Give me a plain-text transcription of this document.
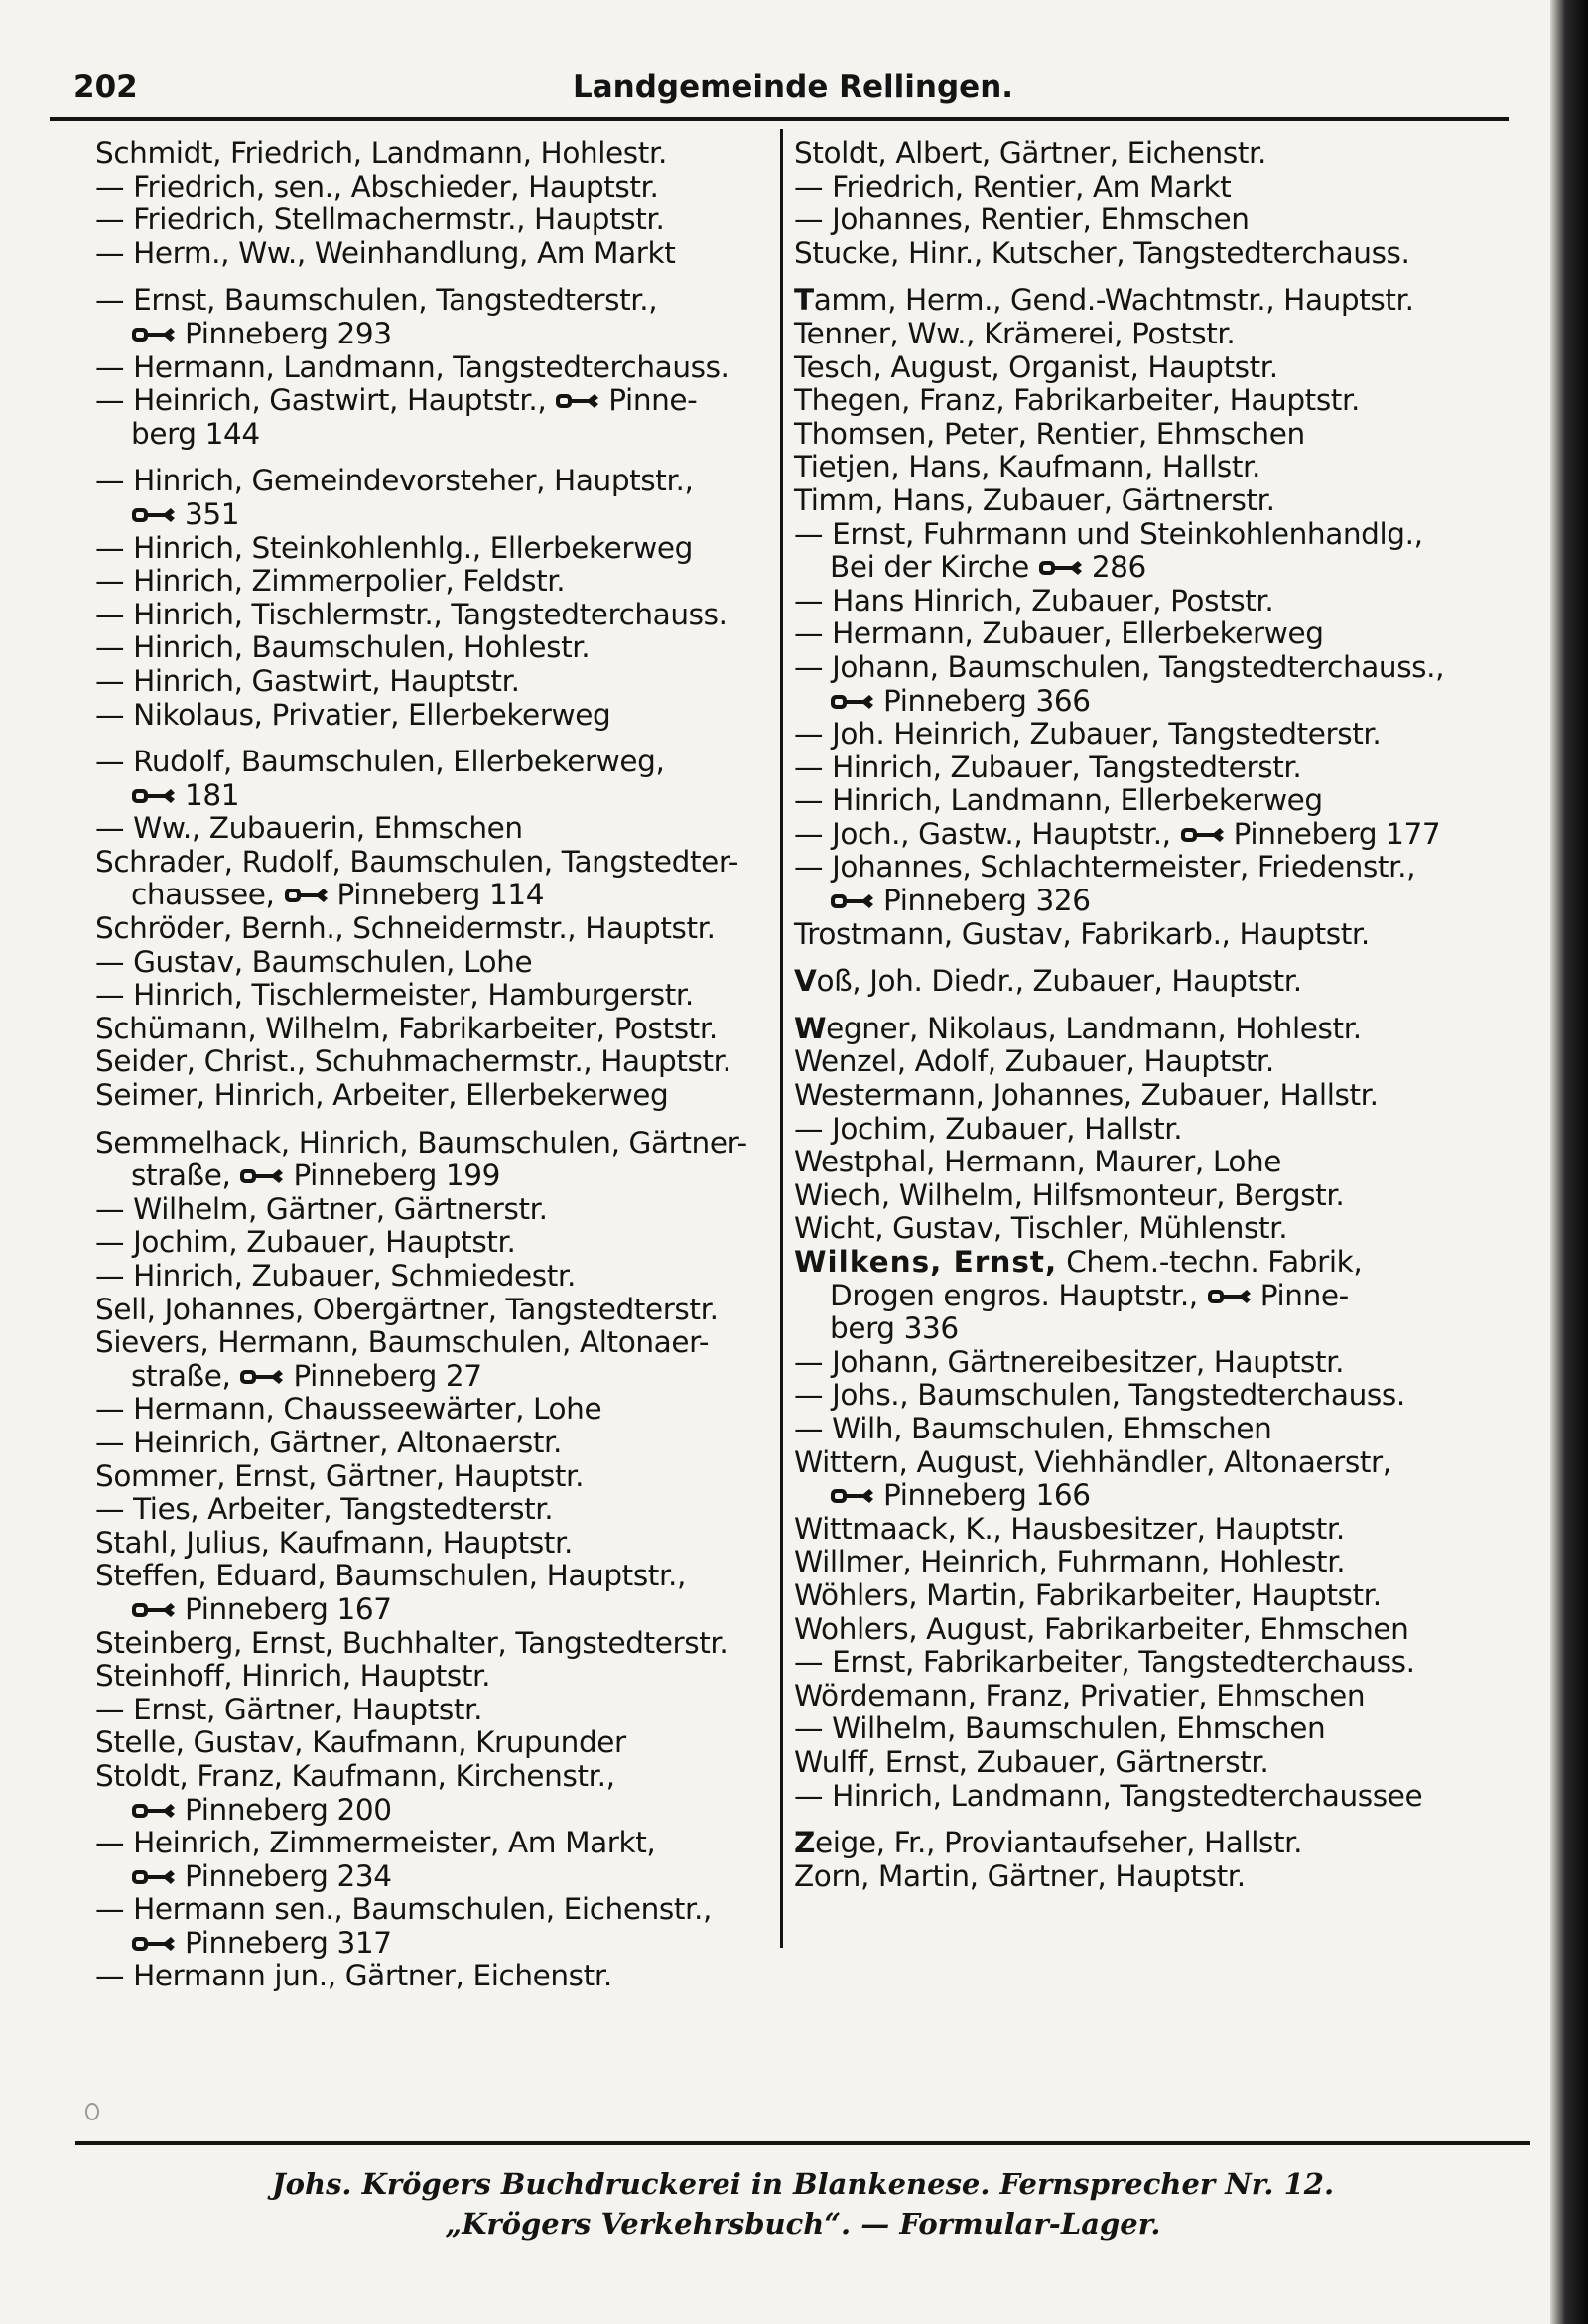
202	Landgemeinde Rellingen.
Schmidt, Friedrich, Landmann, Hohlestr.
— Friedrich, sen., Abschieder, Hauptstr.
— Friedrich, Stellmachermstr., Hauptstr.
— Herm., Ww., Weinhandlung, Am Markt
— Ernst, Baumschulen, Tangstedterstr.,
Pinneberg 293
— Hermann, Landmann, Tangstedterchauss.
— Heinrich, Gastwirt, Hauptstr., Pinne-
berg 144
— Hinrich, Gemeindevorsteher, Hauptstr.,
351
— Hinrich, Steinkohlenhlg., Ellerbekerweg
— Hinrich, Zimmerpolier, Feldstr.
— Hinrich, Tischlermstr., Tangstedterchauss.
— Hinrich, Baumschulen, Hohlestr.
— Hinrich, Gastwirt, Hauptstr.
— Nikolaus, Privatier, Ellerbekerweg
— Rudolf, Baumschulen, Ellerbekerweg,
181
— Ww., Zubauerin, Ehmschen
Schrader, Rudolf, Baumschulen, Tangstedter-
chaussee, Pinneberg 114
Schröder, Bernh., Schneidermstr., Hauptstr.
— Gustav, Baumschulen, Lohe
— Hinrich, Tischlermeister, Hamburgerstr.
Schümann, Wilhelm, Fabrikarbeiter, Poststr.
Seider, Christ., Schuhmachermstr., Hauptstr.
Seimer, Hinrich, Arbeiter, Ellerbekerweg
Semmelhack, Hinrich, Baumschulen, Gärtner-
straße, Pinneberg 199
— Wilhelm, Gärtner, Gärtnerstr.
— Jochim, Zubauer, Hauptstr.
— Hinrich, Zubauer, Schmiedestr.
Sell, Johannes, Obergärtner, Tangstedterstr.
Sievers, Hermann, Baumschulen, Altonaer-
straße, Pinneberg 27
— Hermann, Chausseewärter, Lohe
— Heinrich, Gärtner, Altonaerstr.
Sommer, Ernst, Gärtner, Hauptstr.
— Ties, Arbeiter, Tangstedterstr.
Stahl, Julius, Kaufmann, Hauptstr.
Steffen, Eduard, Baumschulen, Hauptstr.,
Pinneberg 167
Steinberg, Ernst, Buchhalter, Tangstedterstr.
Steinhoff, Hinrich, Hauptstr.
— Ernst, Gärtner, Hauptstr.
Stelle, Gustav, Kaufmann, Krupunder
Stoldt, Franz, Kaufmann, Kirchenstr.,
Pinneberg 200
— Heinrich, Zimmermeister, Am Markt,
Pinneberg 234
— Hermann sen., Baumschulen, Eichenstr.,
Pinneberg 317
— Hermann jun., Gärtner, Eichenstr.
Stoldt, Albert, Gärtner, Eichenstr.
— Friedrich, Rentier, Am Markt
— Johannes, Rentier, Ehmschen
Stucke, Hinr., Kutscher, Tangstedterchauss.
Tamm, Herm., Gend.-Wachtmstr., Hauptstr.
Tenner, Ww., Krämerei, Poststr.
Tesch, August, Organist, Hauptstr.
Thegen, Franz, Fabrikarbeiter, Hauptstr.
Thomsen, Peter, Rentier, Ehmschen
Tietjen, Hans, Kaufmann, Hallstr.
Timm, Hans, Zubauer, Gärtnerstr.
— Ernst, Fuhrmann und Steinkohlenhandlg.,
Bei der Kirche 286
— Hans Hinrich, Zubauer, Poststr.
— Hermann, Zubauer, Ellerbekerweg
— Johann, Baumschulen, Tangstedterchauss.,
Pinneberg 366
— Joh. Heinrich, Zubauer, Tangstedterstr.
— Hinrich, Zubauer, Tangstedterstr.
— Hinrich, Landmann, Ellerbekerweg
— Joch., Gastw., Hauptstr., Pinneberg 177
— Johannes, Schlachtermeister, Friedenstr.,
Pinneberg 326
Trostmann, Gustav, Fabrikarb., Hauptstr.
Voß, Joh. Diedr., Zubauer, Hauptstr.
Wegner, Nikolaus, Landmann, Hohlestr.
Wenzel, Adolf, Zubauer, Hauptstr.
Westermann, Johannes, Zubauer, Hallstr.
— Jochim, Zubauer, Hallstr.
Westphal, Hermann, Maurer, Lohe
Wiech, Wilhelm, Hilfsmonteur, Bergstr.
Wicht, Gustav, Tischler, Mühlenstr.
Wilkens, Ernst, Chem.-techn. Fabrik,
Drogen engros. Hauptstr., Pinne-
berg 336
— Johann, Gärtnereibesitzer, Hauptstr.
— Johs., Baumschulen, Tangstedterchauss.
— Wilh, Baumschulen, Ehmschen
Wittern, August, Viehhändler, Altonaerstr,
Pinneberg 166
Wittmaack, K., Hausbesitzer, Hauptstr.
Willmer, Heinrich, Fuhrmann, Hohlestr.
Wöhlers, Martin, Fabrikarbeiter, Hauptstr.
Wohlers, August, Fabrikarbeiter, Ehmschen
— Ernst, Fabrikarbeiter, Tangstedterchauss.
Wördemann, Franz, Privatier, Ehmschen
— Wilhelm, Baumschulen, Ehmschen
Wulff, Ernst, Zubauer, Gärtnerstr.
— Hinrich, Landmann, Tangstedterchaussee
Zeige, Fr., Proviantaufseher, Hallstr.
Zorn, Martin, Gärtner, Hauptstr.
Johs. Krögers Buchdruckerei in Blankenese. Fernsprecher Nr. 12.
„Krögers Verkehrsbuch“. — Formular-Lager.
